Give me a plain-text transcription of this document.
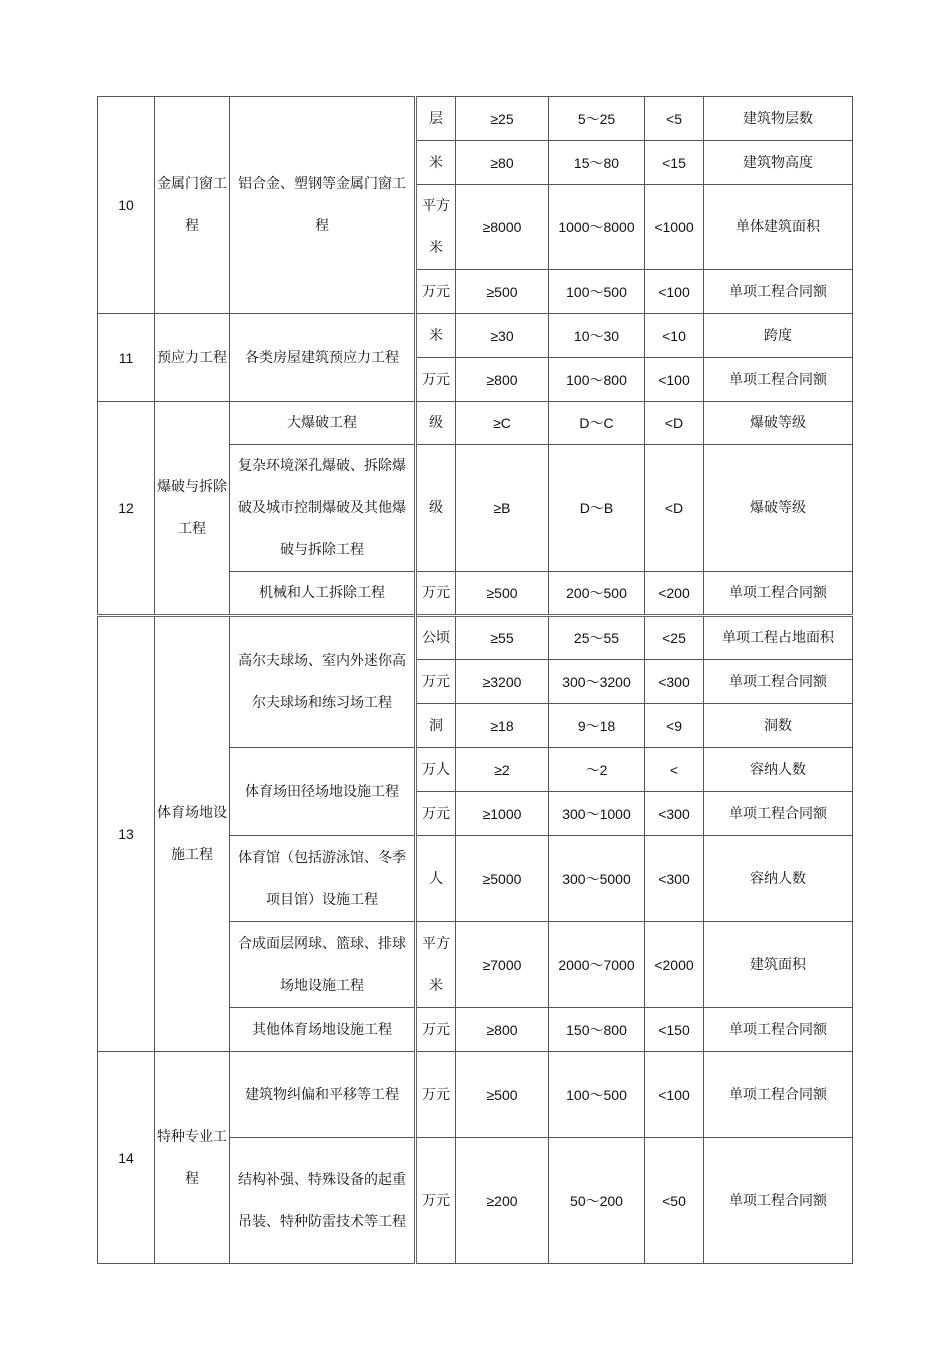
10	金属门窗工程	铝合金、塑钢等金属门窗工程	层	≥25	5～25	<5	建筑物层数
			米	≥80	15～80	<15	建筑物高度
			平方米	≥8000	1000～8000	<1000	单体建筑面积
			万元	≥500	100～500	<100	单项工程合同额
11	预应力工程	各类房屋建筑预应力工程	米	≥30	10～30	<10	跨度
			万元	≥800	100～800	<100	单项工程合同额
12	爆破与拆除工程	大爆破工程	级	≥C	D～C	<D	爆破等级
		复杂环境深孔爆破、拆除爆破及城市控制爆破及其他爆破与拆除工程	级	≥B	D～B	<D	爆破等级
		机械和人工拆除工程	万元	≥500	200～500	<200	单项工程合同额
13	体育场地设施工程	高尔夫球场、室内外迷你高尔夫球场和练习场工程	公顷	≥55	25～55	<25	单项工程占地面积
			万元	≥3200	300～3200	<300	单项工程合同额
			洞	≥18	9～18	<9	洞数
		体育场田径场地设施工程	万人	≥2	～2	<	容纳人数
			万元	≥1000	300～1000	<300	单项工程合同额
		体育馆（包括游泳馆、冬季项目馆）设施工程	人	≥5000	300～5000	<300	容纳人数
		合成面层网球、篮球、排球场地设施工程	平方米	≥7000	2000～7000	<2000	建筑面积
		其他体育场地设施工程	万元	≥800	150～800	<150	单项工程合同额
14	特种专业工程	建筑物纠偏和平移等工程	万元	≥500	100～500	<100	单项工程合同额
		结构补强、特殊设备的起重吊装、特种防雷技术等工程	万元	≥200	50～200	<50	单项工程合同额
